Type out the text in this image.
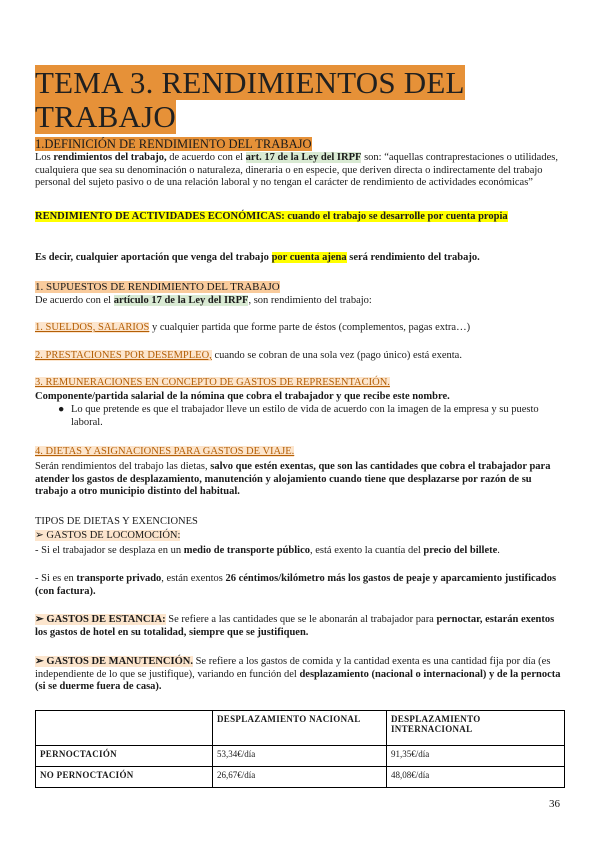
TEMA 3. RENDIMIENTOS DEL TRABAJO
1.DEFINICIÓN DE RENDIMIENTO DEL TRABAJO
Los rendimientos del trabajo, de acuerdo con el art. 17 de la Ley del IRPF son: “aquellas contraprestaciones o utilidades, cualquiera que sea su denominación o naturaleza, dineraria o en especie, que deriven directa o indirectamente del trabajo personal del sujeto pasivo o de una relación laboral y no tengan el carácter de rendimiento de actividades económicas”
RENDIMIENTO DE ACTIVIDADES ECONÓMICAS: cuando el trabajo se desarrolle por cuenta propia
Es decir, cualquier aportación que venga del trabajo por cuenta ajena será rendimiento del trabajo.
1. SUPUESTOS DE RENDIMIENTO DEL TRABAJO
De acuerdo con el artículo 17 de la Ley del IRPF, son rendimiento del trabajo:
1. SUELDOS, SALARIOS y cualquier partida que forme parte de éstos (complementos, pagas extra…)
2. PRESTACIONES POR DESEMPLEO, cuando se cobran de una sola vez (pago único) está exenta.
3. REMUNERACIONES EN CONCEPTO DE GASTOS DE REPRESENTACIÓN.
Componente/partida salarial de la nómina que cobra el trabajador y que recibe este nombre.
● Lo que pretende es que el trabajador lleve un estilo de vida de acuerdo con la imagen de la empresa y su puesto laboral.
4. DIETAS Y ASIGNACIONES PARA GASTOS DE VIAJE.
Serán rendimientos del trabajo las dietas, salvo que estén exentas, que son las cantidades que cobra el trabajador para atender los gastos de desplazamiento, manutención y alojamiento cuando tiene que desplazarse por razón de su trabajo a otro municipio distinto del habitual.
TIPOS DE DIETAS Y EXENCIONES
➢ GASTOS DE LOCOMOCIÓN:
- Si el trabajador se desplaza en un medio de transporte público, está exento la cuantía del precio del billete.
- Si es en transporte privado, están exentos 26 céntimos/kilómetro más los gastos de peaje y aparcamiento justificados (con factura).
➢ GASTOS DE ESTANCIA: Se refiere a las cantidades que se le abonarán al trabajador para pernoctar, estarán exentos los gastos de hotel en su totalidad, siempre que se justifiquen.
➢ GASTOS DE MANUTENCIÓN. Se refiere a los gastos de comida y la cantidad exenta es una cantidad fija por día (es independiente de lo que se justifique), variando en función del desplazamiento (nacional o internacional) y de la pernocta (si se duerme fuera de casa).
	DESPLAZAMIENTO NACIONAL	DESPLAZAMIENTO INTERNACIONAL
PERNOCTACIÓN	53,34€/día	91,35€/día
NO PERNOCTACIÓN	26,67€/día	48,08€/día
36
